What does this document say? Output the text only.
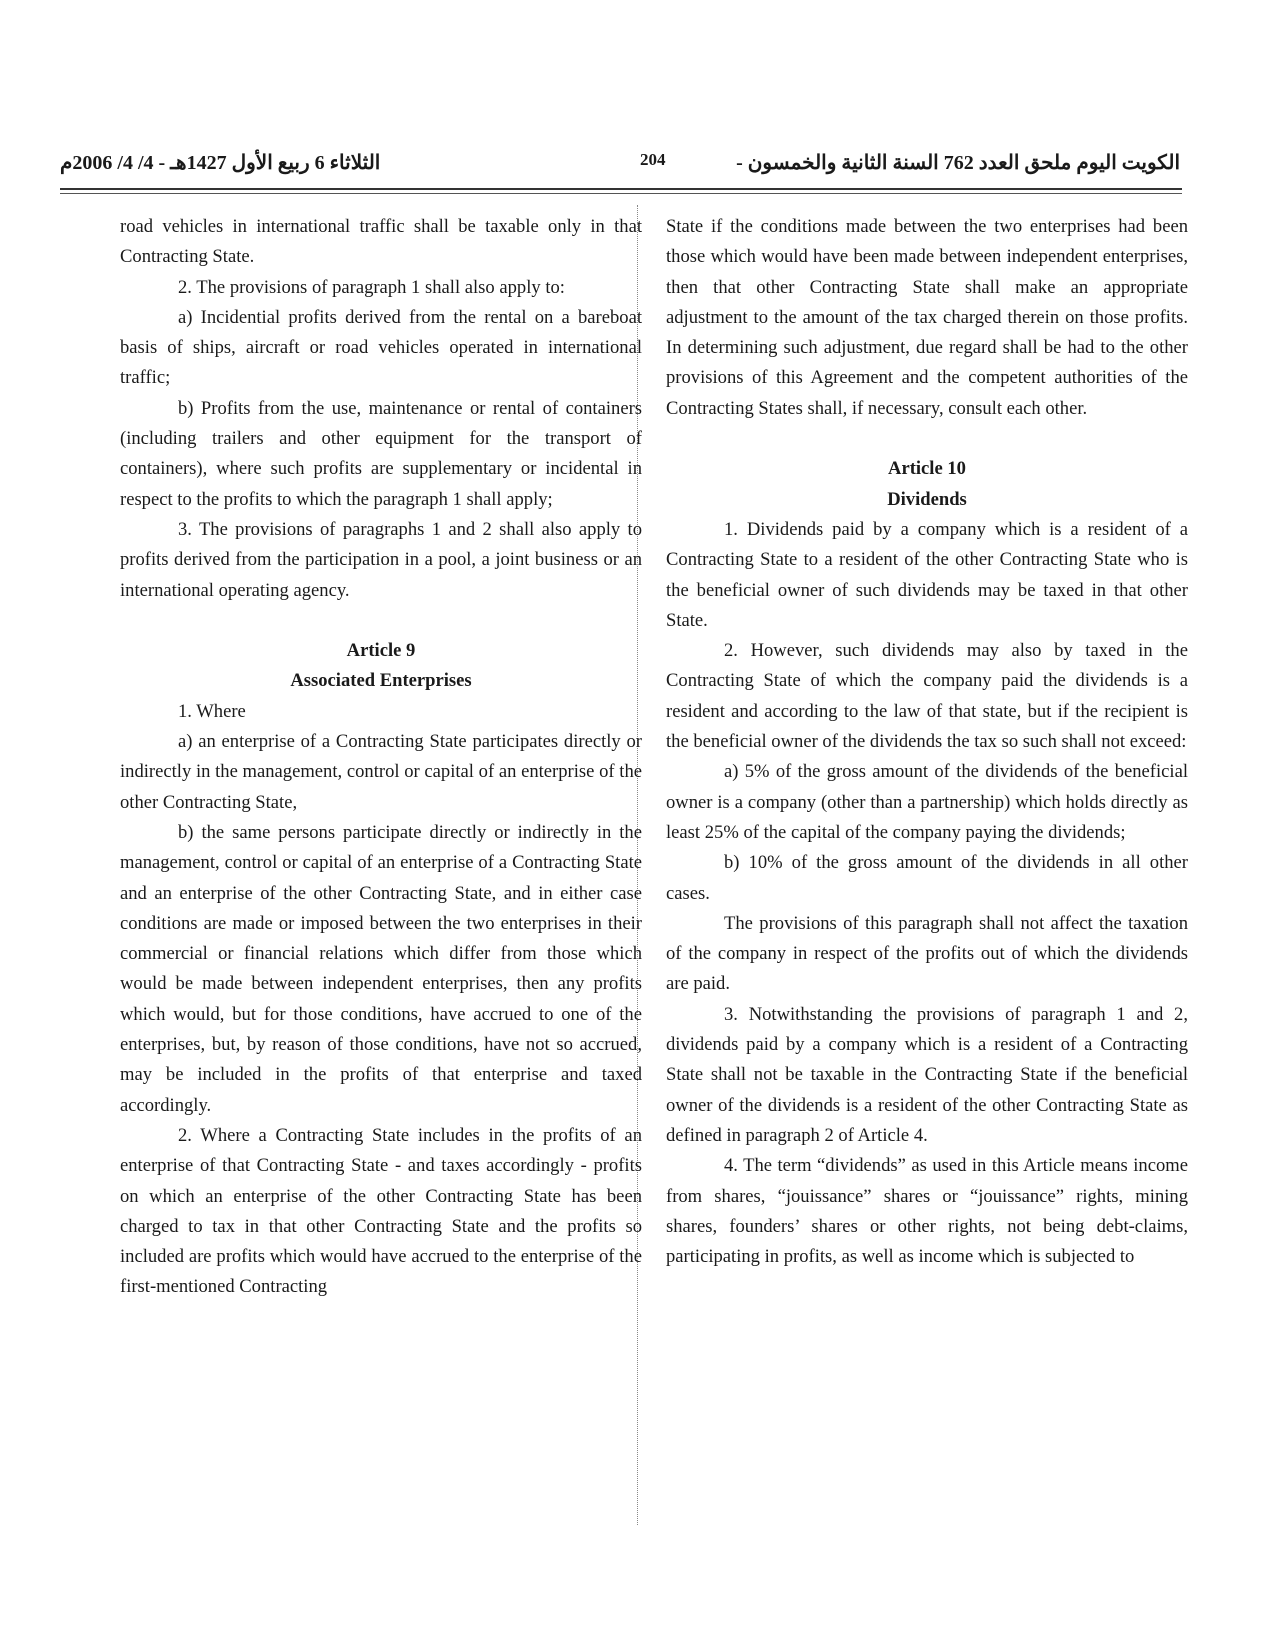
الثلاثاء 6 ربيع الأول 1427هـ - 4/ 4/ 2006م	204	الكويت اليوم ملحق العدد 762 السنة الثانية والخمسون -

road vehicles in international traffic shall be taxable only in that Contracting State.

2. The provisions of paragraph 1 shall also apply to:

a) Incidential profits derived from the rental on a bareboat basis of ships, aircraft or road vehicles operated in international traffic;

b) Profits from the use, maintenance or rental of containers (including trailers and other equipment for the transport of containers), where such profits are supplementary or incidental in respect to the profits to which the paragraph 1 shall apply;

3. The provisions of paragraphs 1 and 2 shall also apply to profits derived from the participation in a pool, a joint business or an international operating agency.

Article 9
Associated Enterprises

1. Where

a) an enterprise of a Contracting State participates directly or indirectly in the management, control or capital of an enterprise of the other Contracting State,

b) the same persons participate directly or indirectly in the management, control or capital of an enterprise of a Contracting State and an enterprise of the other Contracting State, and in either case conditions are made or imposed between the two enterprises in their commercial or financial relations which differ from those which would be made between independent enterprises, then any profits which would, but for those conditions, have accrued to one of the enterprises, but, by reason of those conditions, have not so accrued, may be included in the profits of that enterprise and taxed accordingly.

2. Where a Contracting State includes in the profits of an enterprise of that Contracting State - and taxes accordingly - profits on which an enterprise of the other Contracting State has been charged to tax in that other Contracting State and the profits so included are profits which would have accrued to the enterprise of the first-mentioned Contracting

State if the conditions made between the two enterprises had been those which would have been made between independent enterprises, then that other Contracting State shall make an appropriate adjustment to the amount of the tax charged therein on those profits. In determining such adjustment, due regard shall be had to the other provisions of this Agreement and the competent authorities of the Contracting States shall, if necessary, consult each other.

Article 10
Dividends

1. Dividends paid by a company which is a resident of a Contracting State to a resident of the other Contracting State who is the beneficial owner of such dividends may be taxed in that other State.

2. However, such dividends may also by taxed in the Contracting State of which the company paid the dividends is a resident and according to the law of that state, but if the recipient is the beneficial owner of the dividends the tax so such shall not exceed:

a) 5% of the gross amount of the dividends of the beneficial owner is a company (other than a partnership) which holds directly as least 25% of the capital of the company paying the dividends;

b) 10% of the gross amount of the dividends in all other cases.

The provisions of this paragraph shall not affect the taxation of the company in respect of the profits out of which the dividends are paid.

3. Notwithstanding the provisions of paragraph 1 and 2, dividends paid by a company which is a resident of a Contracting State shall not be taxable in the Contracting State if the beneficial owner of the dividends is a resident of the other Contracting State as defined in paragraph 2 of Article 4.

4. The term “dividends” as used in this Article means income from shares, “jouissance” shares or “jouissance” rights, mining shares, founders’ shares or other rights, not being debt-claims, participating in profits, as well as income which is subjected to
